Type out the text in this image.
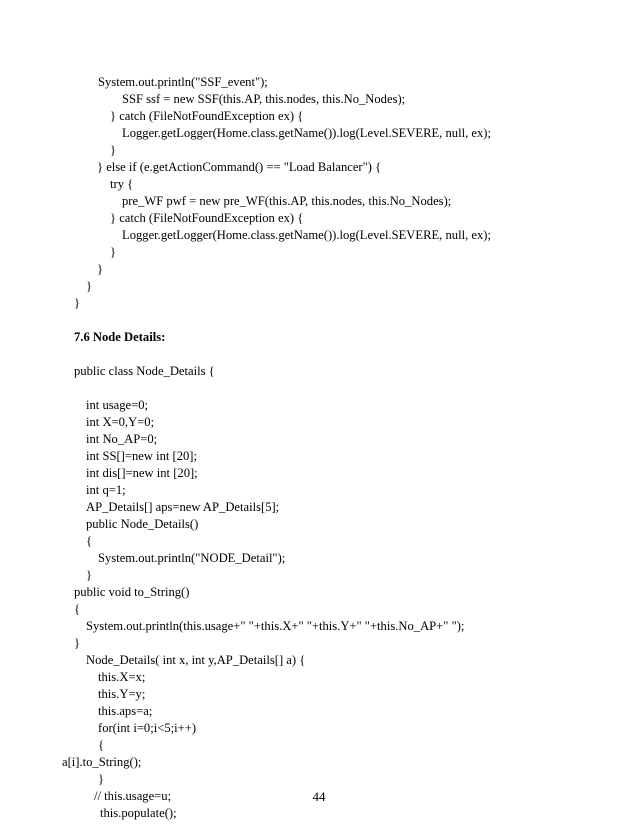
System.out.println("SSF_event");
SSF ssf = new SSF(this.AP, this.nodes, this.No_Nodes);
} catch (FileNotFoundException ex) {
Logger.getLogger(Home.class.getName()).log(Level.SEVERE, null, ex);
}
} else if (e.getActionCommand() == "Load Balancer") {
try {
pre_WF pwf = new pre_WF(this.AP, this.nodes, this.No_Nodes);
} catch (FileNotFoundException ex) {
Logger.getLogger(Home.class.getName()).log(Level.SEVERE, null, ex);
}
}
}
}
7.6 Node Details:
public class Node_Details {
int usage=0;
int X=0,Y=0;
int No_AP=0;
int SS[]=new int [20];
int dis[]=new int [20];
int q=1;
AP_Details[] aps=new AP_Details[5];
public Node_Details()
{
System.out.println("NODE_Detail");
}
public void to_String()
{
System.out.println(this.usage+" "+this.X+" "+this.Y+" "+this.No_AP+" ");
}
Node_Details( int x, int y,AP_Details[] a) {
this.X=x;
this.Y=y;
this.aps=a;
for(int i=0;i<5;i++)
{
a[i].to_String();
}
// this.usage=u;
this.populate();
44
